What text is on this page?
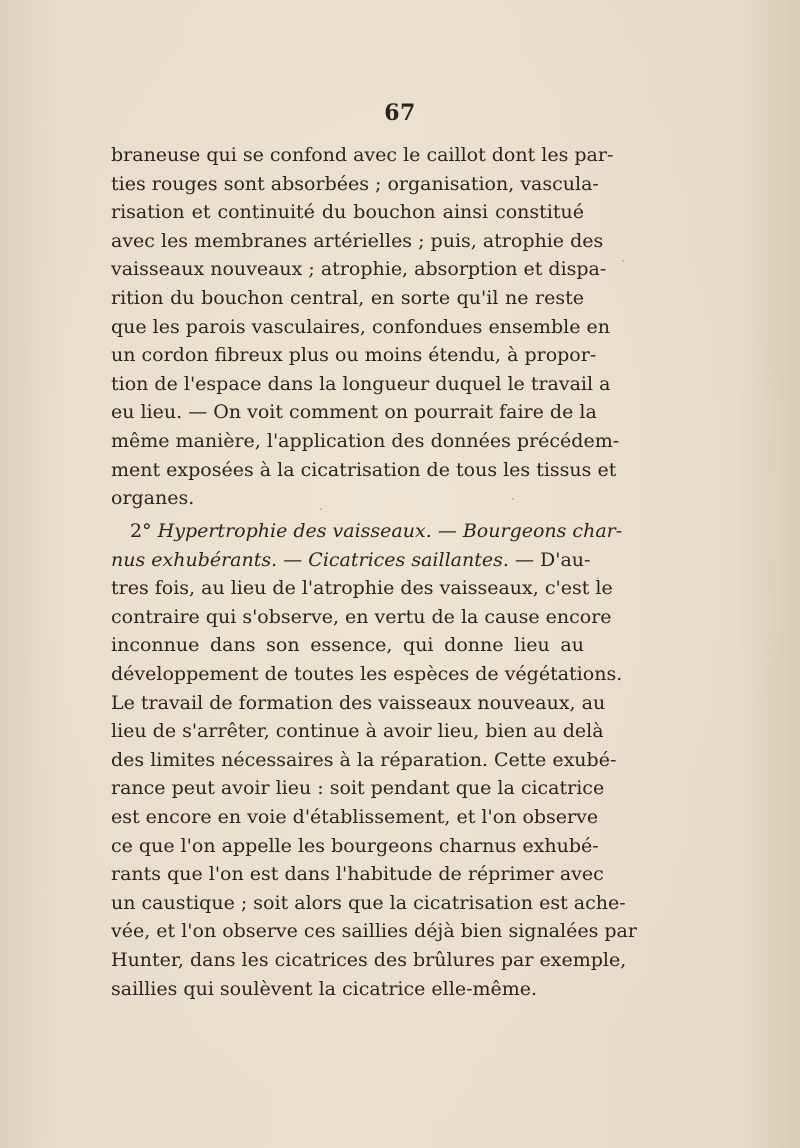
67
braneuse qui se confond avec le caillot dont les par-
ties rouges sont absorbées ; organisation, vascula-
risation et continuité du bouchon ainsi constitué
avec les membranes artérielles ; puis, atrophie des
vaisseaux nouveaux ; atrophie, absorption et dispa-
rition du bouchon central, en sorte qu'il ne reste
que les parois vasculaires, confondues ensemble en
un cordon fibreux plus ou moins étendu, à propor-
tion de l'espace dans la longueur duquel le travail a
eu lieu. — On voit comment on pourrait faire de la
même manière, l'application des données précédem-
ment exposées à la cicatrisation de tous les tissus et
organes.
2° Hypertrophie des vaisseaux. — Bourgeons char-
nus exhubérants. — Cicatrices saillantes. — D'au-
tres fois, au lieu de l'atrophie des vaisseaux, c'est le
contraire qui s'observe, en vertu de la cause encore
inconnue dans son essence, qui donne lieu au
développement de toutes les espèces de végétations.
Le travail de formation des vaisseaux nouveaux, au
lieu de s'arrêter, continue à avoir lieu, bien au delà
des limites nécessaires à la réparation. Cette exubé-
rance peut avoir lieu : soit pendant que la cicatrice
est encore en voie d'établissement, et l'on observe
ce que l'on appelle les bourgeons charnus exhubé-
rants que l'on est dans l'habitude de réprimer avec
un caustique ; soit alors que la cicatrisation est ache-
vée, et l'on observe ces saillies déjà bien signalées par
Hunter, dans les cicatrices des brûlures par exemple,
saillies qui soulèvent la cicatrice elle-même.
